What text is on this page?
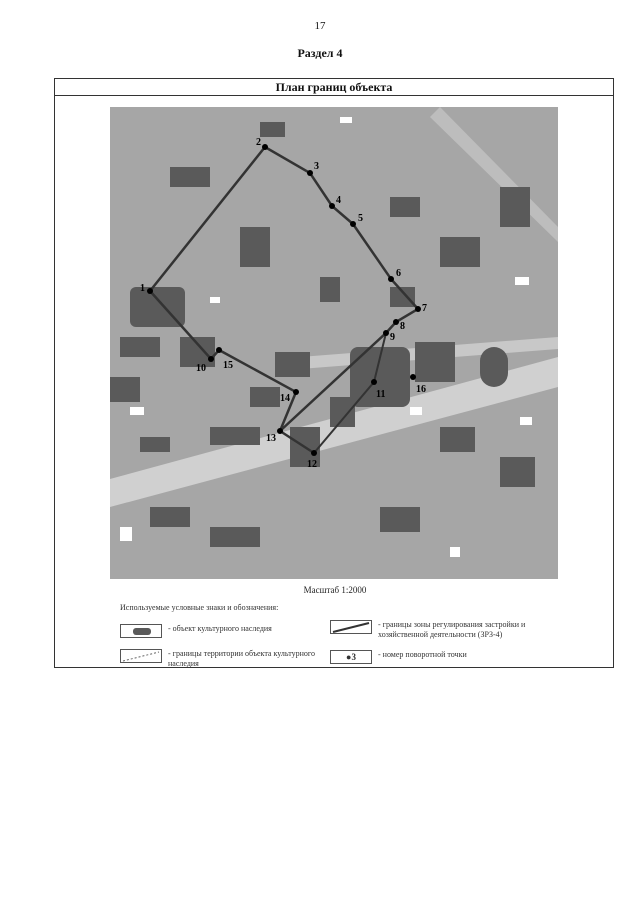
17
Раздел 4
План границ объекта
1
2
3
4
5
6
7
8
9
10
11
12
13
14
15
16
Масштаб 1:2000
Используемые условные знаки и обозначения:
- объект культурного наследия
- границы территории объекта культурного наследия
- границы зоны регулирования застройки и хозяйственной деятельности (ЗРЗ-4)
●3	- номер поворотной точки
